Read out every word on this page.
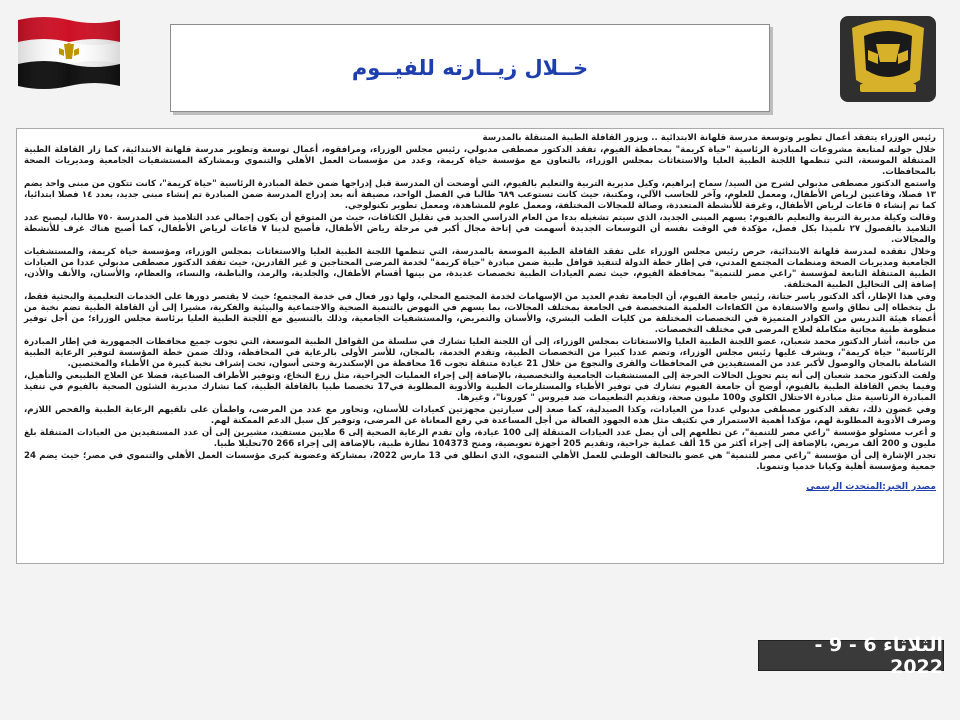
خــلال زيــارته للفيــوم

رئيس الوزراء يتفقد أعمال تطوير وتوسعة مدرسة قلهانة الابتدائية .. ويزور القافلة الطبية المتنقلة بالمدرسة

خلال جولته لمتابعة مشروعات المبادرة الرئاسية "حياة كريمة" بمحافظة الفيوم، تفقد الدكتور مصطفى مدبولي، رئيس مجلس الوزراء، ومرافقوه، أعمال توسعة وتطوير مدرسة قلهانة الابتدائية، كما زار القافلة الطبية المتنقلة الموسعة، التي تنظمها اللجنة الطبية العليا والاستغاثات بمجلس الوزراء، بالتعاون مع مؤسسة حياة كريمة، وعدد من مؤسسات العمل الأهلي والتنموي وبمشاركة المستشفيات الجامعية ومديريات الصحة بالمحافظات.

واستمع الدكتور مصطفى مدبولي لشرح من السيد/ سماح إبراهيم، وكيل مديرية التربية والتعليم بالفيوم، التي أوضحت أن المدرسة قبل إدراجها ضمن خطة المبادرة الرئاسية "حياة كريمة"، كانت تتكون من مبنى واحد يضم ١٣ فصلا، وقاعتين لرياض الأطفال، ومعمل للعلوم، وآخر للحاسب الآلي، ومكتبة، حيث كانت تستوعب ٦٨٩ طالبا في الفصل الواحد، مضيفة أنه بعد إدراج المدرسة ضمن المبادرة تم إنشاء مبنى جديد، بعدد ١٤ فصلا ابتدائيا، كما تم إنشاء ٥ قاعات لرياض الأطفال، وغرفة للأنشطة المتعددة، وصالة للمجالات المختلفة، ومعمل علوم للمشاهدة، ومعمل تطوير تكنولوجي.

وقالت وكيلة مديرية التربية والتعليم بالفيوم: يسهم المبنى الجديد، الذي سيتم تشغيله بدءا من العام الدراسي الجديد في تقليل الكثافات، حيث من المتوقع أن يكون إجمالي عدد التلاميذ في المدرسة ٧٥٠ طالبا، ليصبح عدد التلاميذ بالفصول ٢٧ تلميذا بكل فصل، مؤكدة في الوقت نفسه أن التوسعات الجديدة أسهمت في إتاحة مجال أكبر في مرحلة رياض الأطفال، فأصبح لدينا ٧ قاعات لرياض الأطفال، كما أصبح هناك غرف للأنشطة والمجالات.

وخلال تفقده لمدرسة قلهانة الابتدائية، حرص رئيس مجلس الوزراء على تفقد القافلة الطبية الموسعة بالمدرسة، التي تنظمها اللجنة الطبية العليا والاستغاثات بمجلس الوزراء، ومؤسسة حياة كريمة، والمستشفيات الجامعية ومديريات الصحة ومنظمات المجتمع المدني، في إطار خطة الدولة لتنفيذ قوافل طبية ضمن مبادرة "حياة كريمة" لخدمة المرضى المحتاجين و غير القادرين، حيث تفقد الدكتور مصطفى مدبولي عددا من العيادات الطبية المتنقلة التابعة لمؤسسة "راعي مصر للتنمية" بمحافظة الفيوم، حيث تضم العيادات الطبية تخصصات عديدة، من بينها أقسام الأطفال، والجلدية، والرمد، والباطنة، والنساء، والعظام، والأسنان، والأنف والأذن، إضافة إلى التحاليل الطبية المختلفة.

وفي هذا الإطار، أكد الدكتور ياسر حتاتة، رئيس جامعة الفيوم، أن الجامعة تقدم العديد من الإسهامات لخدمة المجتمع المحلي، ولها دور فعال في خدمة المجتمع؛ حيث لا يقتصر دورها على الخدمات التعليمية والبحثية فقط، بل يتخطاه إلى نطاق واسع والاستفادة من الكفاءات العلمية المتخصصة في الجامعة بمختلف المجالات، بما يسهم في النهوض بالتنمية الصحية والاجتماعية والبيئية والفكرية، مشيرا إلى أن القافلة الطبية تضم نخبة من أعضاء هيئة التدريس من الكوادر المتميزة في التخصصات المختلفة من كليات الطب البشري، والأسنان والتمريض، والمستشفيات الجامعية، وذلك بالتنسيق مع اللجنة الطبية العليا برئاسة مجلس الوزراء؛ من أجل توفير منظومة طبية مجانية متكاملة لعلاج المرضى في مختلف التخصصات.

من جانبه، أشار الدكتور محمد شعبان، عضو اللجنة الطبية العليا والاستغاثات بمجلس الوزراء، إلى أن اللجنة العليا تشارك في سلسلة من القوافل الطبية الموسعة، التي تجوب جميع محافظات الجمهورية في إطار المبادرة الرئاسية" حياة كريمة"، ويشرف عليها رئيس مجلس الوزراء، وتضم عددا كبيرا من التخصصات الطبية، وتقدم الخدمة، بالمجان، للأسر الأولى بالرعاية في المحافظة، وذلك ضمن خطة المؤسسة لتوفير الرعاية الطبية الشاملة بالمجان والوصول لأكبر عدد من المستفيدين في المحافظات والقرى والنجوع من خلال 21 عيادة متنقلة تجوب 16 محافظة من الإسكندرية وحتى أسوان، تحت إشراف نخبة كبيرة من الأطباء والمختصين.

ولفت الدكتور محمد شعبان إلى أنه يتم تحويل الحالات الحرجة إلى المستشفيات الجامعية والتخصصية، بالإضافة إلى إجراء العمليات الجراحية، مثل زرع النخاع، وتوفير الأطراف الصناعية، فضلا عن العلاج الطبيعي والتأهيل، وفيما يخص القافلة الطبية بالفيوم، أوضح أن جامعة الفيوم تشارك في توفير الأطباء والمستلزمات الطبية والأدوية المطلوبة في17 تخصصا طبيا بالقافلة الطبية، كما تشارك مديرية الشئون الصحية بالفيوم في تنفيذ المبادرة الرئاسية مثل مبادرة الاحتلال الكلوي و100 مليون صحة، وتقديم التطعيمات ضد فيروس " كورونا"، وغيرها.

وفي غضون ذلك، تفقد الدكتور مصطفى مدبولي عددا من العيادات، وكذا الصيدلية، كما صعد إلى سيارتين مجهزتين كعيادات للأسنان، وتحاور مع عدد من المرضى، واطمأن على تلقيهم الرعاية الطبية والفحص اللازم، وصرف الأدوية المطلوبة لهم، مؤكدا أهمية الاستمرار في تكثيف مثل هذه الجهود الفعالة من أجل المساعدة في رفع المعاناة عن المرضى، وتوفير كل سبل الدعم الممكنة لهم.

و أعرب مسئولو مؤسسة "راعي مصر للتنمية"، عن تطلعهم إلى أن يصل عدد العيادات المتنقلة إلى 100 عيادة، وأن تقدم الرعاية الصحية إلى 6 ملايين مستفيد، مشيرين إلى أن عدد المستفيدين من العيادات المتنقلة بلغ مليون و 200 ألف مريض، بالإضافة إلى إجراء أكثر من 15 ألف عملية جراحية، وتقديم 205 أجهزة تعويضية، ومنح 104373 نظارة طبية، بالإضافة إلى إجراء 266 70تحليلا طبيا.

تجدر الإشارة إلى أن مؤسسة "راعي مصر للتنمية" هي عضو بالتحالف الوطني للعمل الأهلي التنموي، الذي انطلق في 13 مارس 2022، بمشاركة وعضوية كبرى مؤسسات العمل الأهلي والتنموي في مصر؛ حيث يضم 24 جمعية ومؤسسة أهلية وكيانا خدميا وتنمويا.

مصدر الخبر:المتحدث الرسمي
الثلاثاء 6 - 9 - 2022
